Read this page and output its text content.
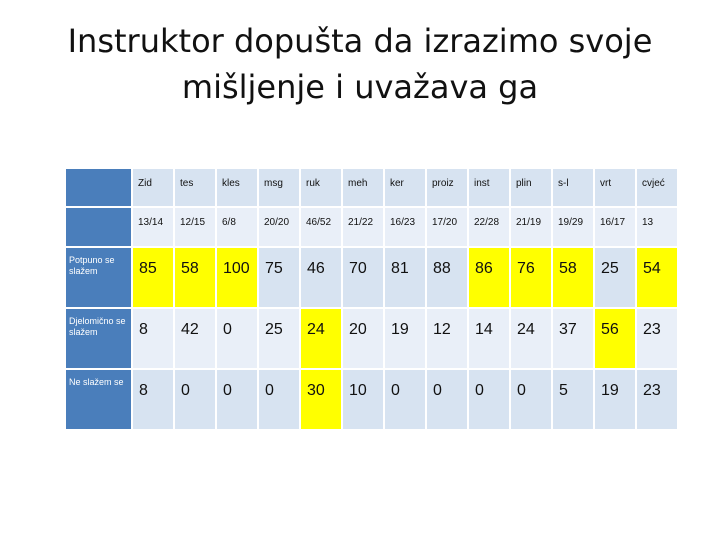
Instruktor dopušta da izrazimo svoje mišljenje i uvažava ga
	Zid	tes	kles	msg	ruk	meh	ker	proiz	inst	plin	s-l	vrt	cvjeć
	13/14	12/15	6/8	20/20	46/52	21/22	16/23	17/20	22/28	21/19	19/29	16/17	13
Potpuno se slažem	85	58	100	75	46	70	81	88	86	76	58	25	54
Djelomično se slažem	8	42	0	25	24	20	19	12	14	24	37	56	23
Ne slažem se	8	0	0	0	30	10	0	0	0	0	5	19	23
